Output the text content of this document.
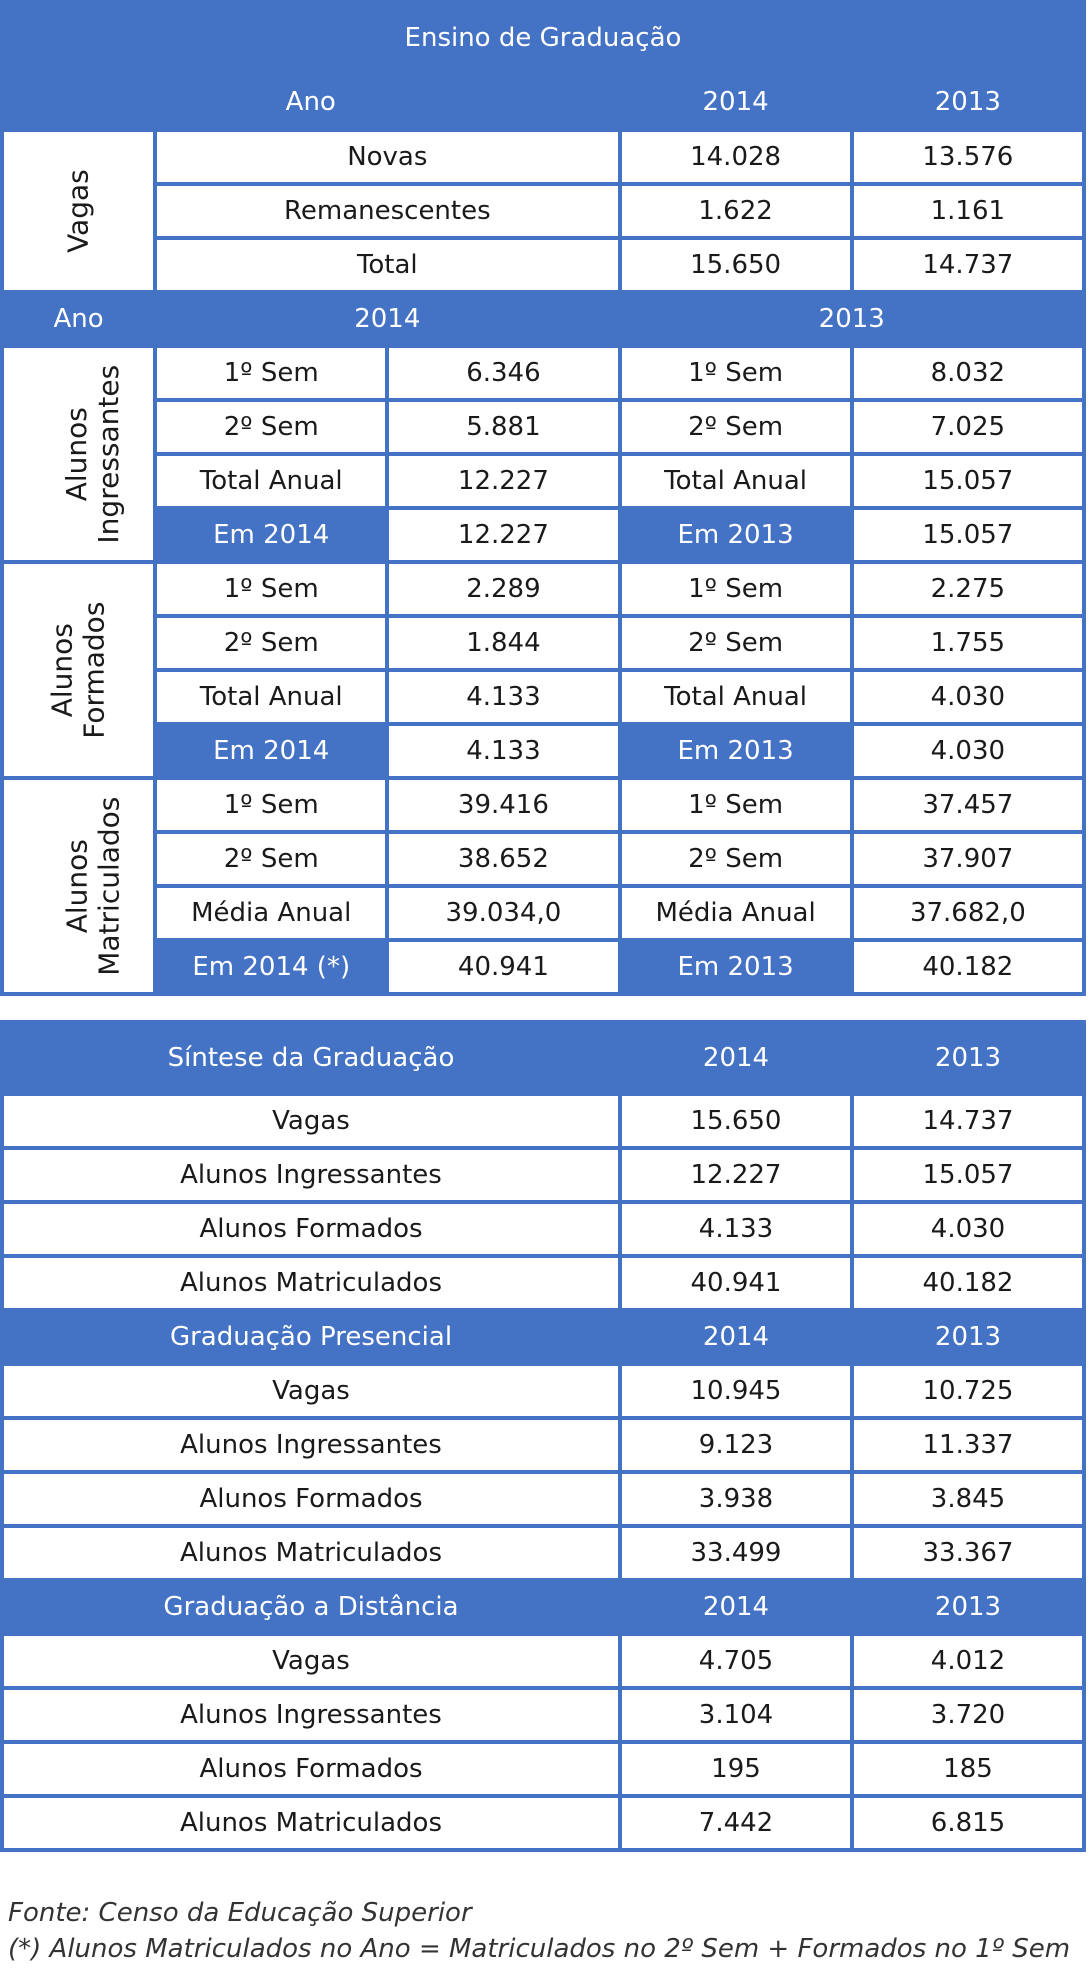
Ensino de Graduação				
Ano			2014	2013
Vagas	Novas		14.028	13.576
	Remanescentes		1.622	1.161
	Total		15.650	14.737
Ano	2014		2013	
Alunos
Ingressantes	1º Sem	6.346	1º Sem	8.032
	2º Sem	5.881	2º Sem	7.025
	Total Anual	12.227	Total Anual	15.057
	Em 2014	12.227	Em 2013	15.057
Alunos
Formados	1º Sem	2.289	1º Sem	2.275
	2º Sem	1.844	2º Sem	1.755
	Total Anual	4.133	Total Anual	4.030
	Em 2014	4.133	Em 2013	4.030
Alunos
Matriculados	1º Sem	39.416	1º Sem	37.457
	2º Sem	38.652	2º Sem	37.907
	Média Anual	39.034,0	Média Anual	37.682,0
	Em 2014 (*)	40.941	Em 2013	40.182
Síntese da Graduação	2014	2013
Vagas	15.650	14.737
Alunos Ingressantes	12.227	15.057
Alunos Formados	4.133	4.030
Alunos Matriculados	40.941	40.182
Graduação Presencial	2014	2013
Vagas	10.945	10.725
Alunos Ingressantes	9.123	11.337
Alunos Formados	3.938	3.845
Alunos Matriculados	33.499	33.367
Graduação a Distância	2014	2013
Vagas	4.705	4.012
Alunos Ingressantes	3.104	3.720
Alunos Formados	195	185
Alunos Matriculados	7.442	6.815
Fonte: Censo da Educação Superior
(*) Alunos Matriculados no Ano = Matriculados no 2º Sem + Formados no 1º Sem
